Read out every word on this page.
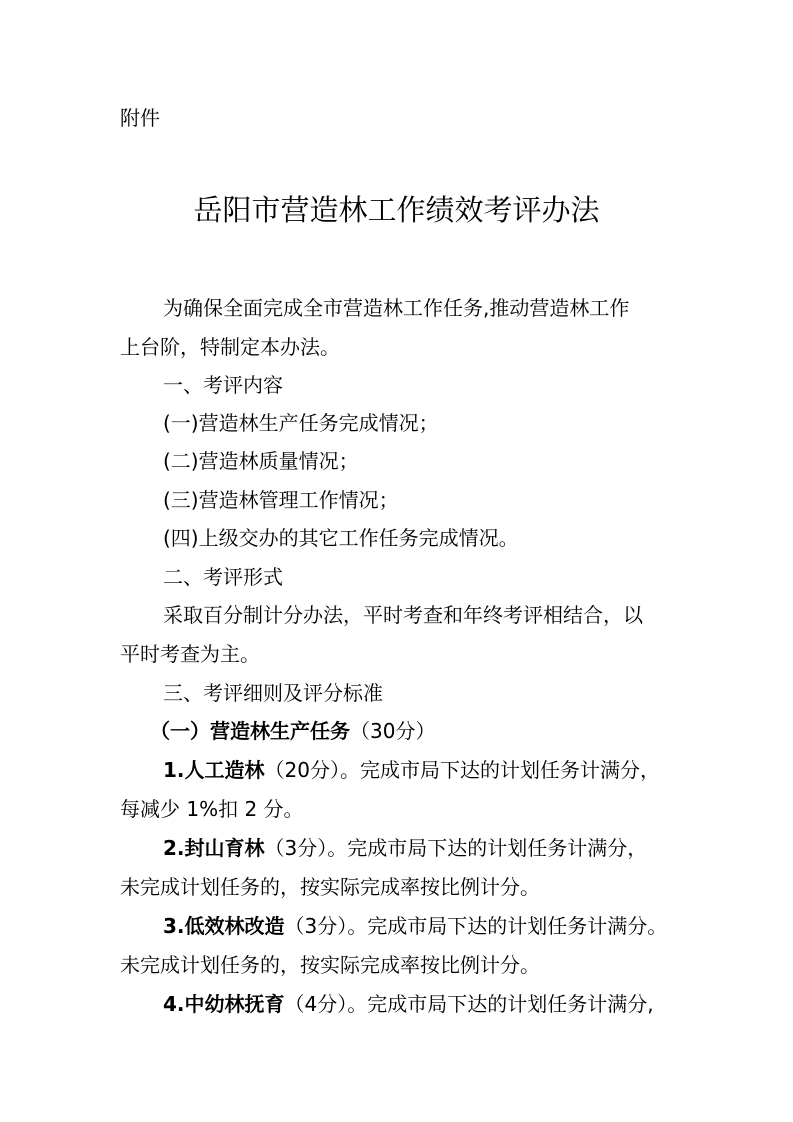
附件
岳阳市营造林工作绩效考评办法
为确保全面完成全市营造林工作任务,推动营造林工作
上台阶，特制定本办法。
一、考评内容
(一)营造林生产任务完成情况；
(二)营造林质量情况；
(三)营造林管理工作情况；
(四)上级交办的其它工作任务完成情况。
二、考评形式
采取百分制计分办法，平时考查和年终考评相结合，以
平时考查为主。
三、考评细则及评分标准
（一）营造林生产任务（30分）
1.人工造林（20分）。完成市局下达的计划任务计满分，
每减少 1%扣 2 分。
2.封山育林（3分）。完成市局下达的计划任务计满分，
未完成计划任务的，按实际完成率按比例计分。
3.低效林改造（3分）。完成市局下达的计划任务计满分。
未完成计划任务的，按实际完成率按比例计分。
4.中幼林抚育（4分）。完成市局下达的计划任务计满分,
